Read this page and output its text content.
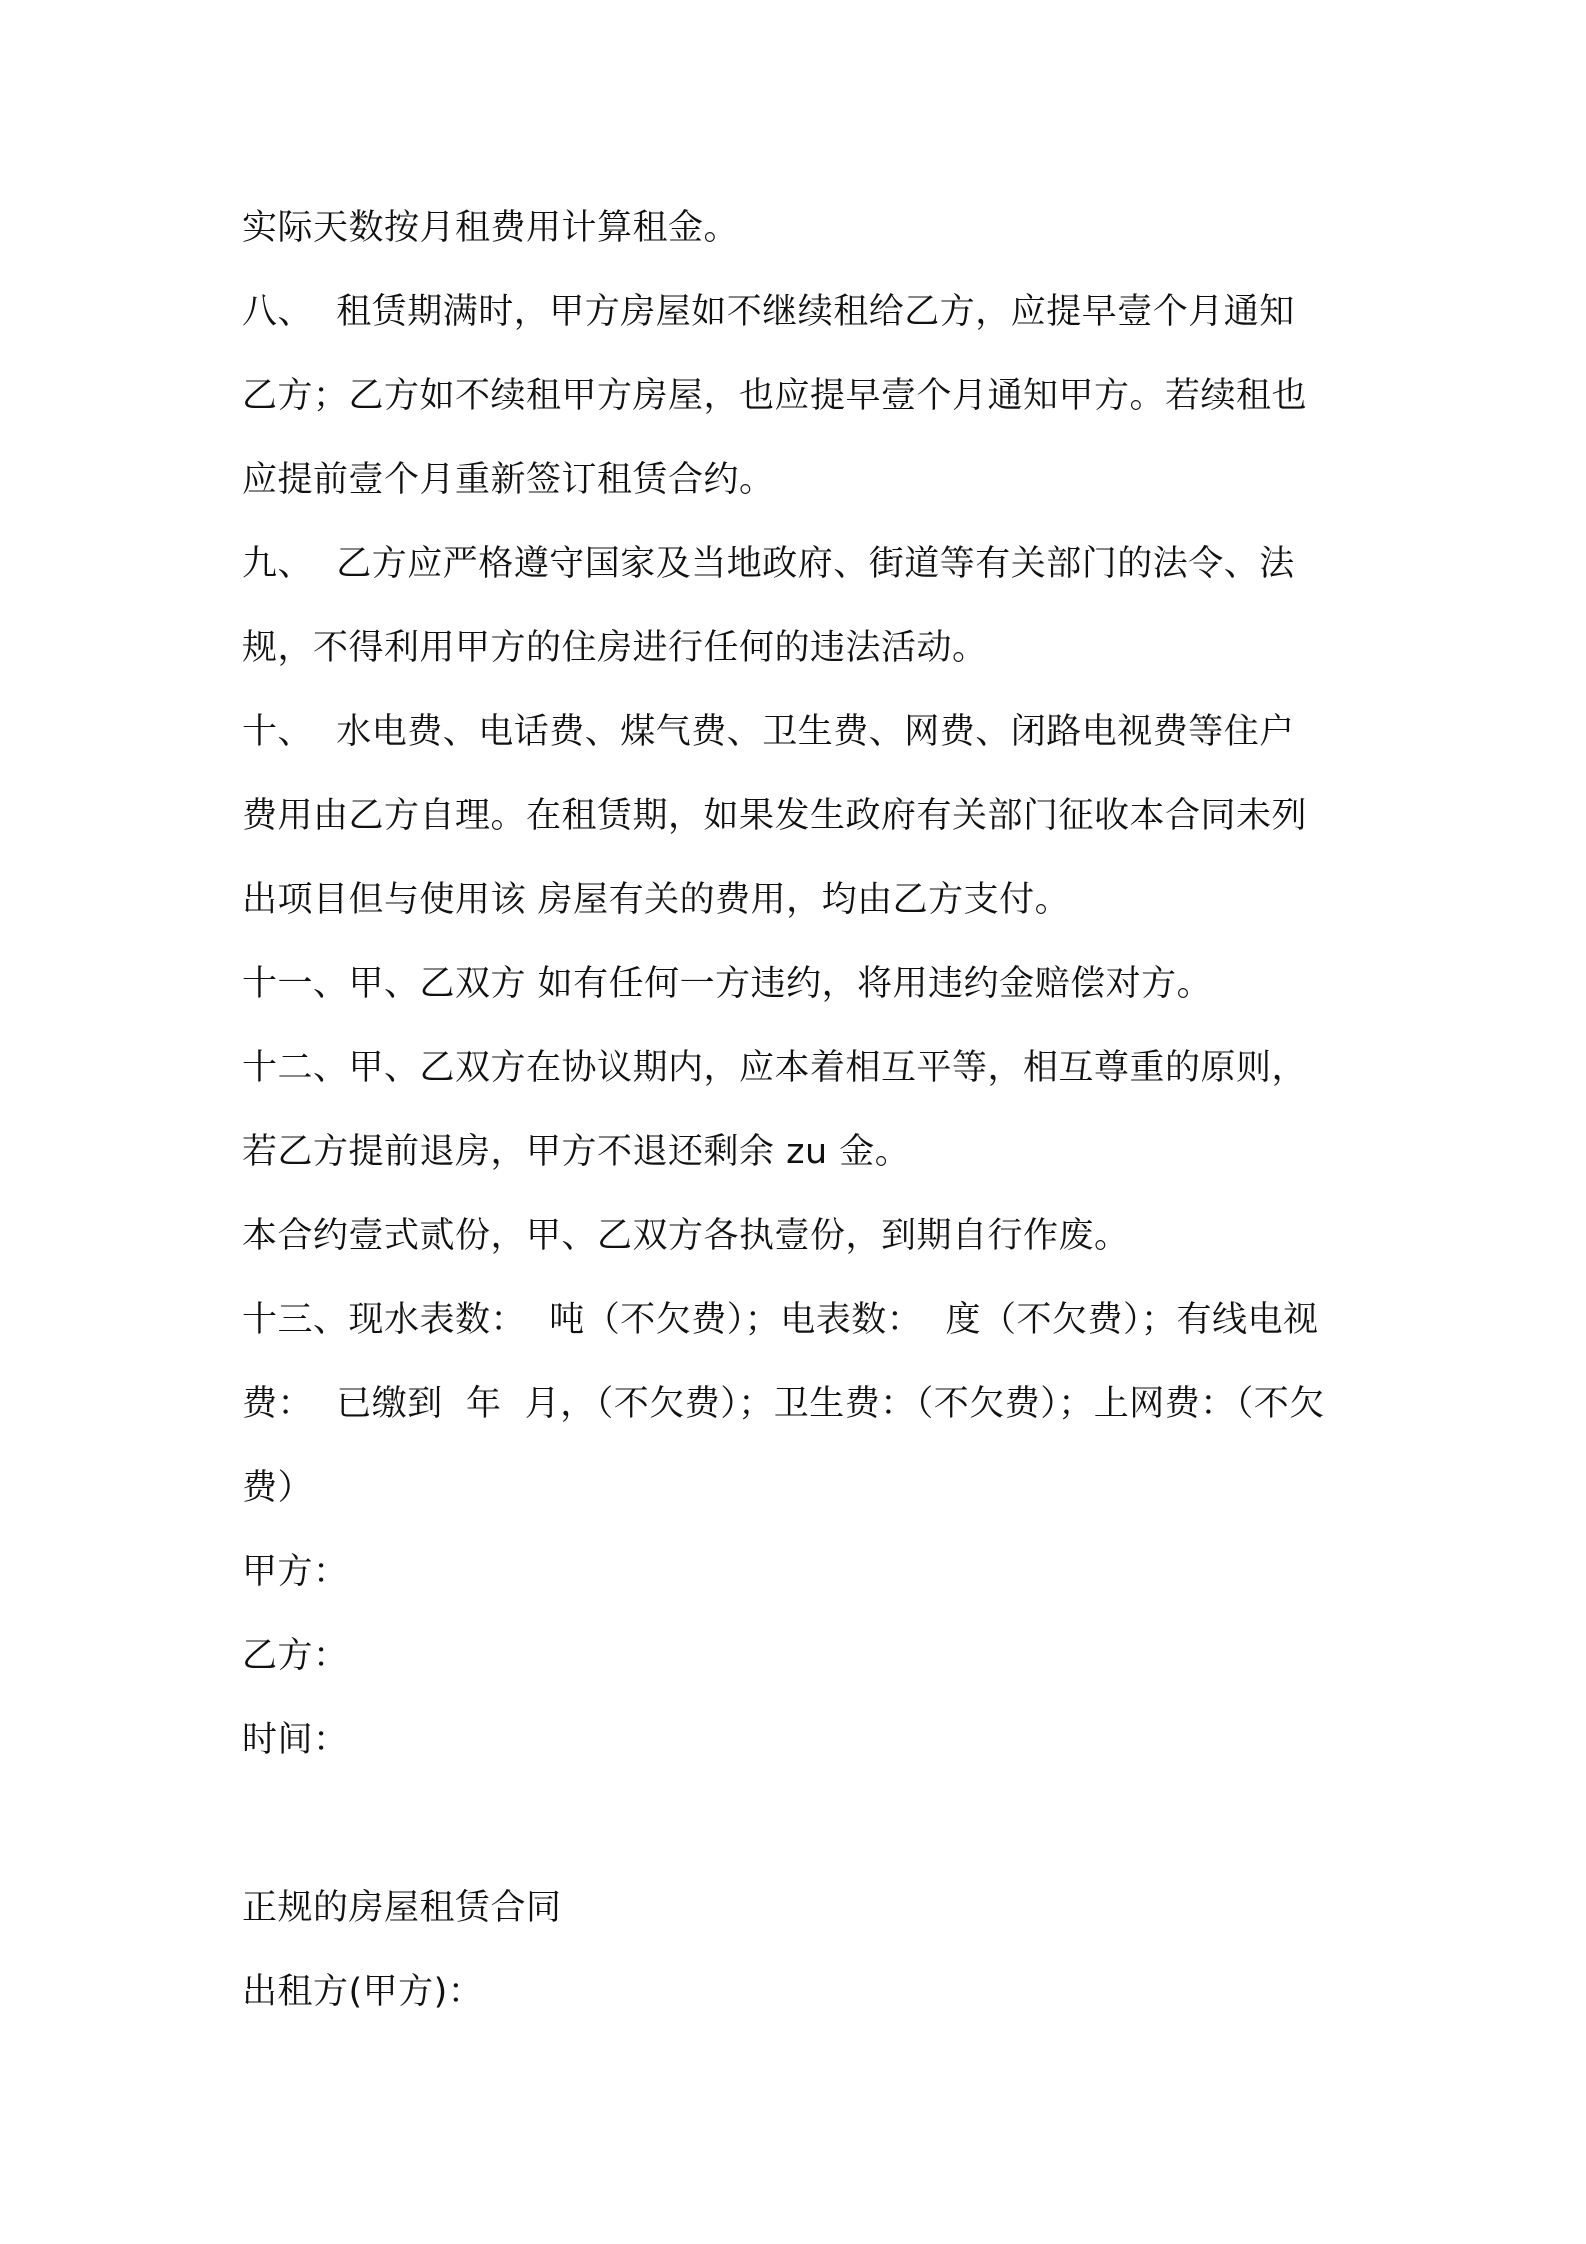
实际天数按月租费用计算租金。

八、  租赁期满时，甲方房屋如不继续租给乙方，应提早壹个月通知

乙方；乙方如不续租甲方房屋，也应提早壹个月通知甲方。若续租也

应提前壹个月重新签订租赁合约。

九、  乙方应严格遵守国家及当地政府、街道等有关部门的法令、法

规，不得利用甲方的住房进行任何的违法活动。

十、  水电费、电话费、煤气费、卫生费、网费、闭路电视费等住户

费用由乙方自理。在租赁期，如果发生政府有关部门征收本合同未列

出项目但与使用该 房屋有关的费用，均由乙方支付。

十一、甲、乙双方 如有任何一方违约，将用违约金赔偿对方。

十二、甲、乙双方在协议期内，应本着相互平等，相互尊重的原则，

若乙方提前退房，甲方不退还剩余 zu 金。

本合约壹式贰份，甲、乙双方各执壹份，到期自行作废。

十三、现水表数：  吨（不欠费）；电表数：  度（不欠费）；有线电视

费：  已缴到  年  月，（不欠费）；卫生费：（不欠费）；上网费：（不欠

费）

甲方：

乙方：

时间：

正规的房屋租赁合同

出租方(甲方)：
